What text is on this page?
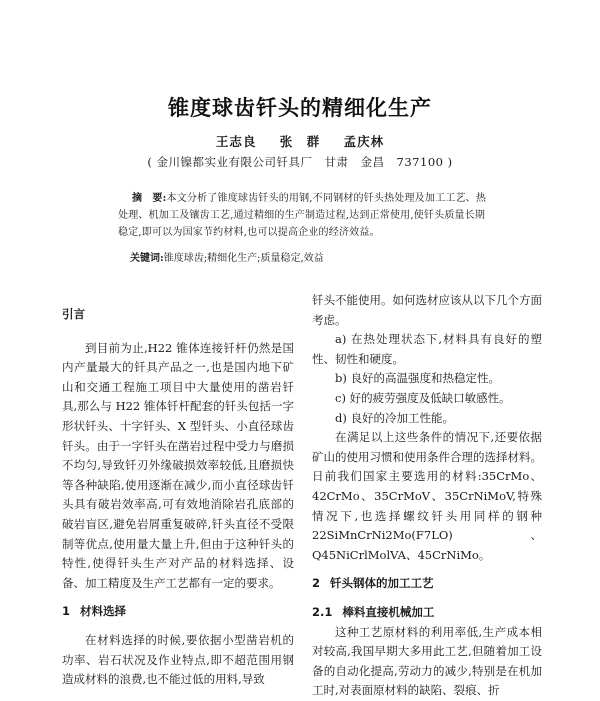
锥度球齿钎头的精细化生产
王志良 张　群 孟庆林
( 金川镍都实业有限公司钎具厂　甘肃　金昌　737100 )

摘　要:本文分析了锥度球齿钎头的用钢,不同钢材的钎头热处理及加工工艺、热处理、机加工及镶齿工艺,通过精细的生产制造过程,达到正常使用,使钎头质量长期稳定,即可以为国家节约材料,也可以提高企业的经济效益。

关键词:锥度球齿;精细化生产;质量稳定,效益

引言

到目前为止,H22 锥体连接钎杆仍然是国内产量最大的钎具产品之一,也是国内地下矿山和交通工程施工项目中大量使用的凿岩钎具,那么与 H22 锥体钎杆配套的钎头包括一字形状钎头、十字钎头、X 型钎头、小直径球齿钎头。由于一字钎头在凿岩过程中受力与磨损不均匀,导致钎刃外缘破损效率较低,且磨损快等各种缺陷,使用逐渐在减少,而小直径球齿钎头具有破岩效率高,可有效地消除岩孔底部的破岩盲区,避免岩屑重复破碎,钎头直径不受限制等优点,使用量大量上升,但由于这种钎头的特性,使得钎头生产对产品的材料选择、设备、加工精度及生产工艺都有一定的要求。

1 材料选择

在材料选择的时候,要依据小型凿岩机的功率、岩石状况及作业特点,即不超范围用钢造成材料的浪费,也不能过低的用料,导致

钎头不能使用。如何选材应该从以下几个方面考虑。

a) 在热处理状态下,材料具有良好的塑性、韧性和硬度。

b) 良好的高温强度和热稳定性。

c) 好的疲劳强度及低缺口敏感性。

d) 良好的冷加工性能。

在满足以上这些条件的情况下,还要依据矿山的使用习惯和使用条件合理的选择材料。日前我们国家主要选用的材料:35CrMo、42CrMo、35CrMoV、35CrNiMoV,特殊情况下,也选择螺纹钎头用同样的钢种22SiMnCrNi2Mo(F7LO)、Q45NiCrlMolVA、45CrNiMo。

2 钎头钢体的加工工艺

2.1 棒料直接机械加工

这种工艺原材料的利用率低,生产成本相对较高,我国早期大多用此工艺,但随着加工设备的自动化提高,劳动力的减少,特别是在机加工时,对表面原材料的缺陷、裂痕、折
